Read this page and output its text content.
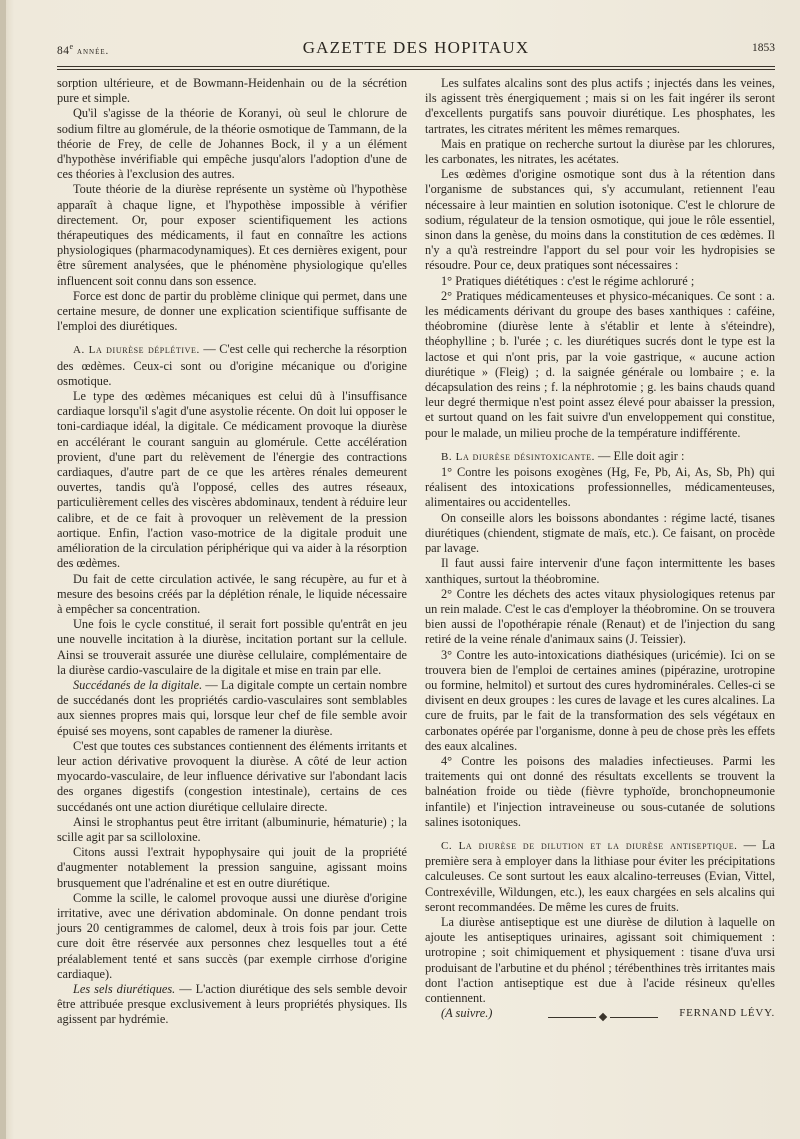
84e année.	GAZETTE DES HOPITAUX	1853

sorption ultérieure, et de Bowmann-Heidenhain ou de la sécrétion pure et simple.

Qu'il s'agisse de la théorie de Koranyi, où seul le chlorure de sodium filtre au glomérule, de la théorie osmotique de Tammann, de la théorie de Frey, de celle de Johannes Bock, il y a un élément d'hypothèse invérifiable qui empêche jusqu'alors l'adoption d'une de ces théories à l'exclusion des autres.

Toute théorie de la diurèse représente un système où l'hypothèse apparaît à chaque ligne, et l'hypothèse impossible à vérifier directement. Or, pour exposer scientifiquement les actions thérapeutiques des médicaments, il faut en connaître les actions physiologiques (pharmacodynamiques). Et ces dernières exigent, pour être sûrement analysées, que le phénomène physiologique qu'elles influencent soit connu dans son essence.

Force est donc de partir du problème clinique qui permet, dans une certaine mesure, de donner une explication scientifique suffisante de l'emploi des diurétiques.

A. La diurèse déplétive. — C'est celle qui recherche la résorption des œdèmes. Ceux-ci sont ou d'origine mécanique ou d'origine osmotique.

Le type des œdèmes mécaniques est celui dû à l'insuffisance cardiaque lorsqu'il s'agit d'une asystolie récente. On doit lui opposer le toni-cardiaque idéal, la digitale. Ce médicament provoque la diurèse en accélérant le courant sanguin au glomérule. Cette accélération provient, d'une part du relèvement de l'énergie des contractions cardiaques, d'autre part de ce que les artères rénales demeurent ouvertes, tandis qu'à l'opposé, celles des autres réseaux, particulièrement celles des viscères abdominaux, tendent à réduire leur calibre, et de ce fait à provoquer un relèvement de la pression aortique. Enfin, l'action vaso-motrice de la digitale produit une amélioration de la circulation périphérique qui va aider à la résorption des œdèmes.

Du fait de cette circulation activée, le sang récupère, au fur et à mesure des besoins créés par la déplétion rénale, le liquide nécessaire à empêcher sa concentration.

Une fois le cycle constitué, il serait fort possible qu'entrât en jeu une nouvelle incitation à la diurèse, incitation portant sur la cellule. Ainsi se trouverait assurée une diurèse cellulaire, complémentaire de la diurèse cardio-vasculaire de la digitale et mise en train par elle.

Succédanés de la digitale. — La digitale compte un certain nombre de succédanés dont les propriétés cardio-vasculaires sont semblables aux siennes propres mais qui, lorsque leur chef de file semble avoir épuisé ses moyens, sont capables de ramener la diurèse.

C'est que toutes ces substances contiennent des éléments irritants et leur action dérivative provoquent la diurèse. A côté de leur action myocardo-vasculaire, de leur influence dérivative sur l'abondant lacis des organes digestifs (congestion intestinale), certains de ces succédanés ont une action diurétique cellulaire directe.

Ainsi le strophantus peut être irritant (albuminurie, hématurie) ; la scille agit par sa scilloloxine.

Citons aussi l'extrait hypophysaire qui jouit de la propriété d'augmenter notablement la pression sanguine, agissant moins brusquement que l'adrénaline et est en outre diurétique.

Comme la scille, le calomel provoque aussi une diurèse d'origine irritative, avec une dérivation abdominale. On donne pendant trois jours 20 centigrammes de calomel, deux à trois fois par jour. Cette cure doit être réservée aux personnes chez lesquelles tout a été préalablement tenté et sans succès (par exemple cirrhose d'origine cardiaque).

Les sels diurétiques. — L'action diurétique des sels semble devoir être attribuée presque exclusivement à leurs propriétés physiques. Ils agissent par hydrémie.

Les sulfates alcalins sont des plus actifs ; injectés dans les veines, ils agissent très énergiquement ; mais si on les fait ingérer ils seront d'excellents purgatifs sans pouvoir diurétique. Les phosphates, les tartrates, les citrates méritent les mêmes remarques.

Mais en pratique on recherche surtout la diurèse par les chlorures, les carbonates, les nitrates, les acétates.

Les œdèmes d'origine osmotique sont dus à la rétention dans l'organisme de substances qui, s'y accumulant, retiennent l'eau nécessaire à leur maintien en solution isotonique. C'est le chlorure de sodium, régulateur de la tension osmotique, qui joue le rôle essentiel, sinon dans la genèse, du moins dans la constitution de ces œdèmes. Il n'y a qu'à restreindre l'apport du sel pour voir les hydropisies se résoudre. Pour ce, deux pratiques sont nécessaires :

1° Pratiques diététiques : c'est le régime achloruré ;

2° Pratiques médicamenteuses et physico-mécaniques. Ce sont : a. les médicaments dérivant du groupe des bases xanthiques : caféine, théobromine (diurèse lente à s'établir et lente à s'éteindre), théophylline ; b. l'urée ; c. les diurétiques sucrés dont le type est la lactose et qui n'ont pris, par la voie gastrique, « aucune action diurétique » (Fleig) ; d. la saignée générale ou lombaire ; e. la décapsulation des reins ; f. la néphrotomie ; g. les bains chauds quand leur degré thermique n'est point assez élevé pour abaisser la pression, et surtout quand on les fait suivre d'un enveloppement qui constitue, pour le malade, un milieu proche de la température indifférente.

B. La diurèse désintoxicante. — Elle doit agir :

1° Contre les poisons exogènes (Hg, Fe, Pb, Ai, As, Sb, Ph) qui réalisent des intoxications professionnelles, médicamenteuses, alimentaires ou accidentelles.

On conseille alors les boissons abondantes : régime lacté, tisanes diurétiques (chiendent, stigmate de maïs, etc.). Ce faisant, on procède par lavage.

Il faut aussi faire intervenir d'une façon intermittente les bases xanthiques, surtout la théobromine.

2° Contre les déchets des actes vitaux physiologiques retenus par un rein malade. C'est le cas d'employer la théobromine. On se trouvera bien aussi de l'opothérapie rénale (Renaut) et de l'injection du sang retiré de la veine rénale d'animaux sains (J. Teissier).

3° Contre les auto-intoxications diathésiques (uricémie). Ici on se trouvera bien de l'emploi de certaines amines (pipérazine, urotropine ou formine, helmitol) et surtout des cures hydrominérales. Celles-ci se divisent en deux groupes : les cures de lavage et les cures alcalines. La cure de fruits, par le fait de la transformation des sels végétaux en carbonates opérée par l'organisme, donne à peu de chose près les effets des eaux alcalines.

4° Contre les poisons des maladies infectieuses. Parmi les traitements qui ont donné des résultats excellents se trouvent la balnéation froide ou tiède (fièvre typhoïde, bronchopneumonie infantile) et l'injection intraveineuse ou sous-cutanée de solutions salines isotoniques.

C. La diurèse de dilution et la diurèse antiseptique. — La première sera à employer dans la lithiase pour éviter les précipitations calculeuses. Ce sont surtout les eaux alcalino-terreuses (Evian, Vittel, Contrexéville, Wildungen, etc.), les eaux chargées en sels alcalins qui seront recommandées. De même les cures de fruits.

La diurèse antiseptique est une diurèse de dilution à laquelle on ajoute les antiseptiques urinaires, agissant soit chimiquement : urotropine ; soit chimiquement et physiquement : tisane d'uva ursi produisant de l'arbutine et du phénol ; térébenthines très irritantes mais dont l'action antiseptique est due à l'acide résineux qu'elles contiennent.

(A suivre.)	FERNAND LÉVY.
